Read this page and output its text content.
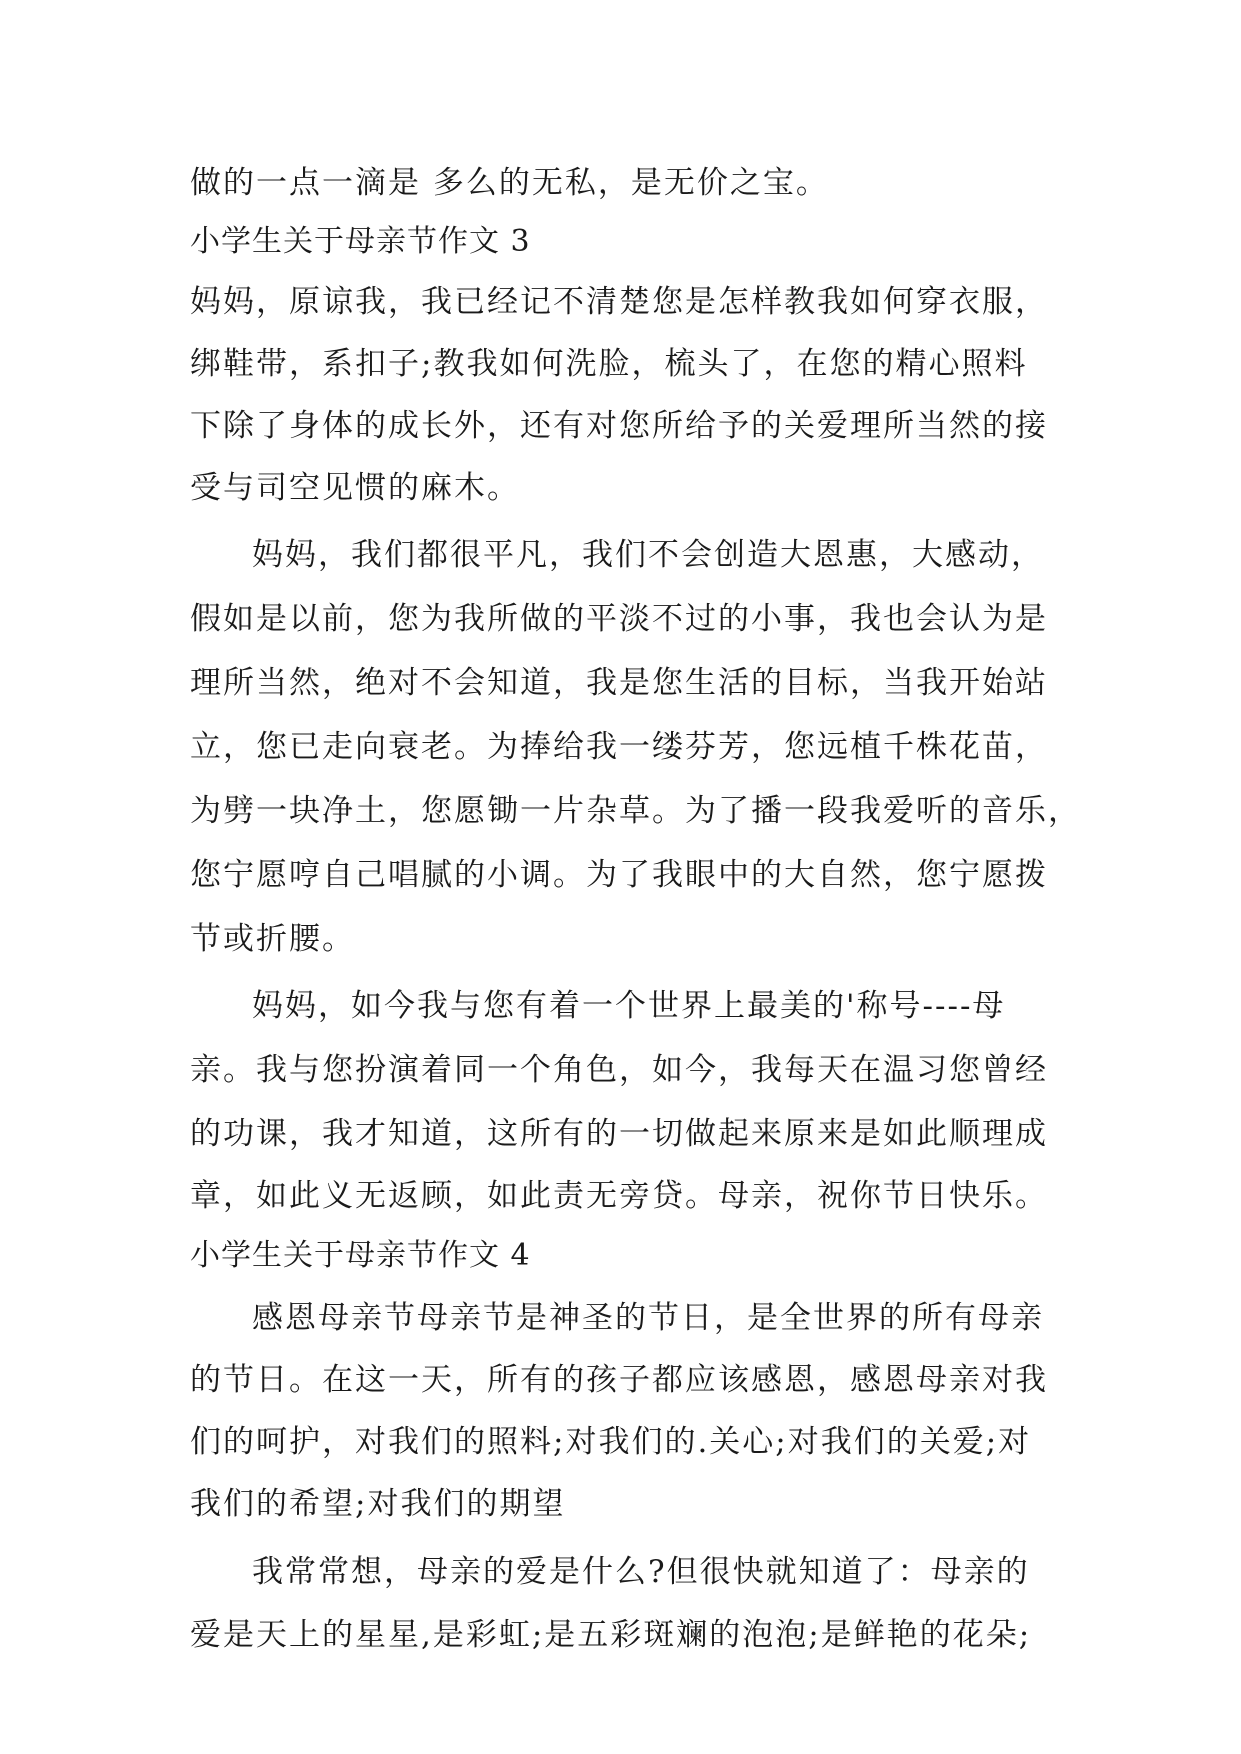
做的一点一滴是 多么的无私，是无价之宝。

小学生关于母亲节作文 3

妈妈，原谅我，我已经记不清楚您是怎样教我如何穿衣服，

绑鞋带，系扣子;教我如何洗脸，梳头了，在您的精心照料

下除了身体的成长外，还有对您所给予的关爱理所当然的接

受与司空见惯的麻木。

妈妈，我们都很平凡，我们不会创造大恩惠，大感动，

假如是以前，您为我所做的平淡不过的小事，我也会认为是

理所当然，绝对不会知道，我是您生活的目标，当我开始站

立，您已走向衰老。为捧给我一缕芬芳，您远植千株花苗，

为劈一块净土，您愿锄一片杂草。为了播一段我爱听的音乐，

您宁愿哼自己唱腻的小调。为了我眼中的大自然，您宁愿拨

节或折腰。

妈妈，如今我与您有着一个世界上最美的'称号----母

亲。我与您扮演着同一个角色，如今，我每天在温习您曾经

的功课，我才知道，这所有的一切做起来原来是如此顺理成

章，如此义无返顾，如此责无旁贷。母亲，祝你节日快乐。

小学生关于母亲节作文 4

感恩母亲节母亲节是神圣的节日，是全世界的所有母亲

的节日。在这一天，所有的孩子都应该感恩，感恩母亲对我

们的呵护，对我们的照料;对我们的.关心;对我们的关爱;对

我们的希望;对我们的期望

我常常想，母亲的爱是什么?但很快就知道了：母亲的

爱是天上的星星,是彩虹;是五彩斑斓的泡泡;是鲜艳的花朵;
